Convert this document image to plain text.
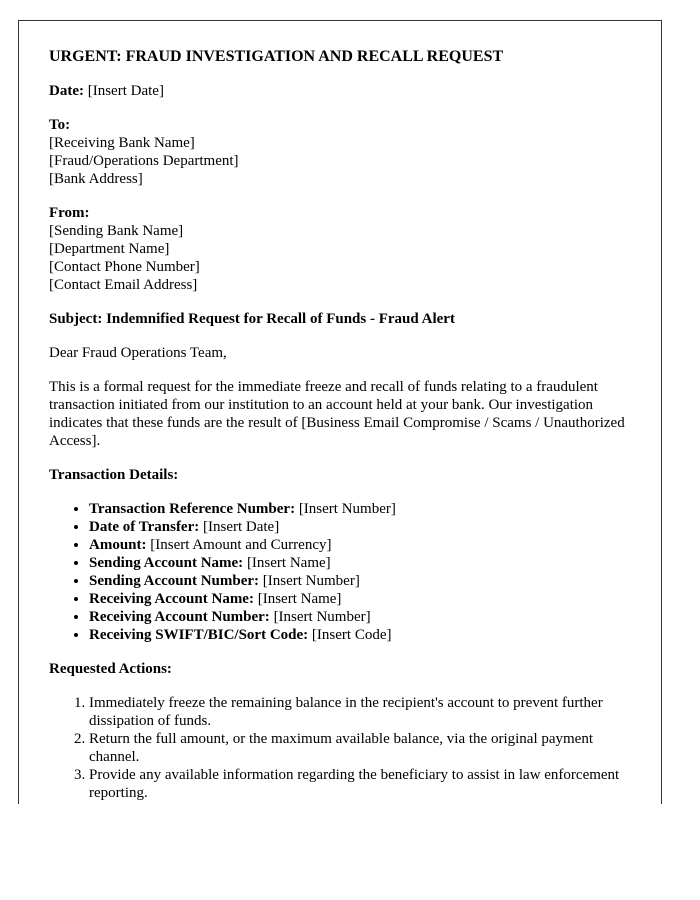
URGENT: FRAUD INVESTIGATION AND RECALL REQUEST

Date: [Insert Date]

To:
[Receiving Bank Name]
[Fraud/Operations Department]
[Bank Address]

From:
[Sending Bank Name]
[Department Name]
[Contact Phone Number]
[Contact Email Address]

Subject: Indemnified Request for Recall of Funds - Fraud Alert

Dear Fraud Operations Team,

This is a formal request for the immediate freeze and recall of funds relating to a fraudulent transaction initiated from our institution to an account held at your bank. Our investigation indicates that these funds are the result of [Business Email Compromise / Scams / Unauthorized Access].

Transaction Details:

• Transaction Reference Number: [Insert Number]
• Date of Transfer: [Insert Date]
• Amount: [Insert Amount and Currency]
• Sending Account Name: [Insert Name]
• Sending Account Number: [Insert Number]
• Receiving Account Name: [Insert Name]
• Receiving Account Number: [Insert Number]
• Receiving SWIFT/BIC/Sort Code: [Insert Code]

Requested Actions:

1. Immediately freeze the remaining balance in the recipient's account to prevent further dissipation of funds.
2. Return the full amount, or the maximum available balance, via the original payment channel.
3. Provide any available information regarding the beneficiary to assist in law enforcement reporting.
